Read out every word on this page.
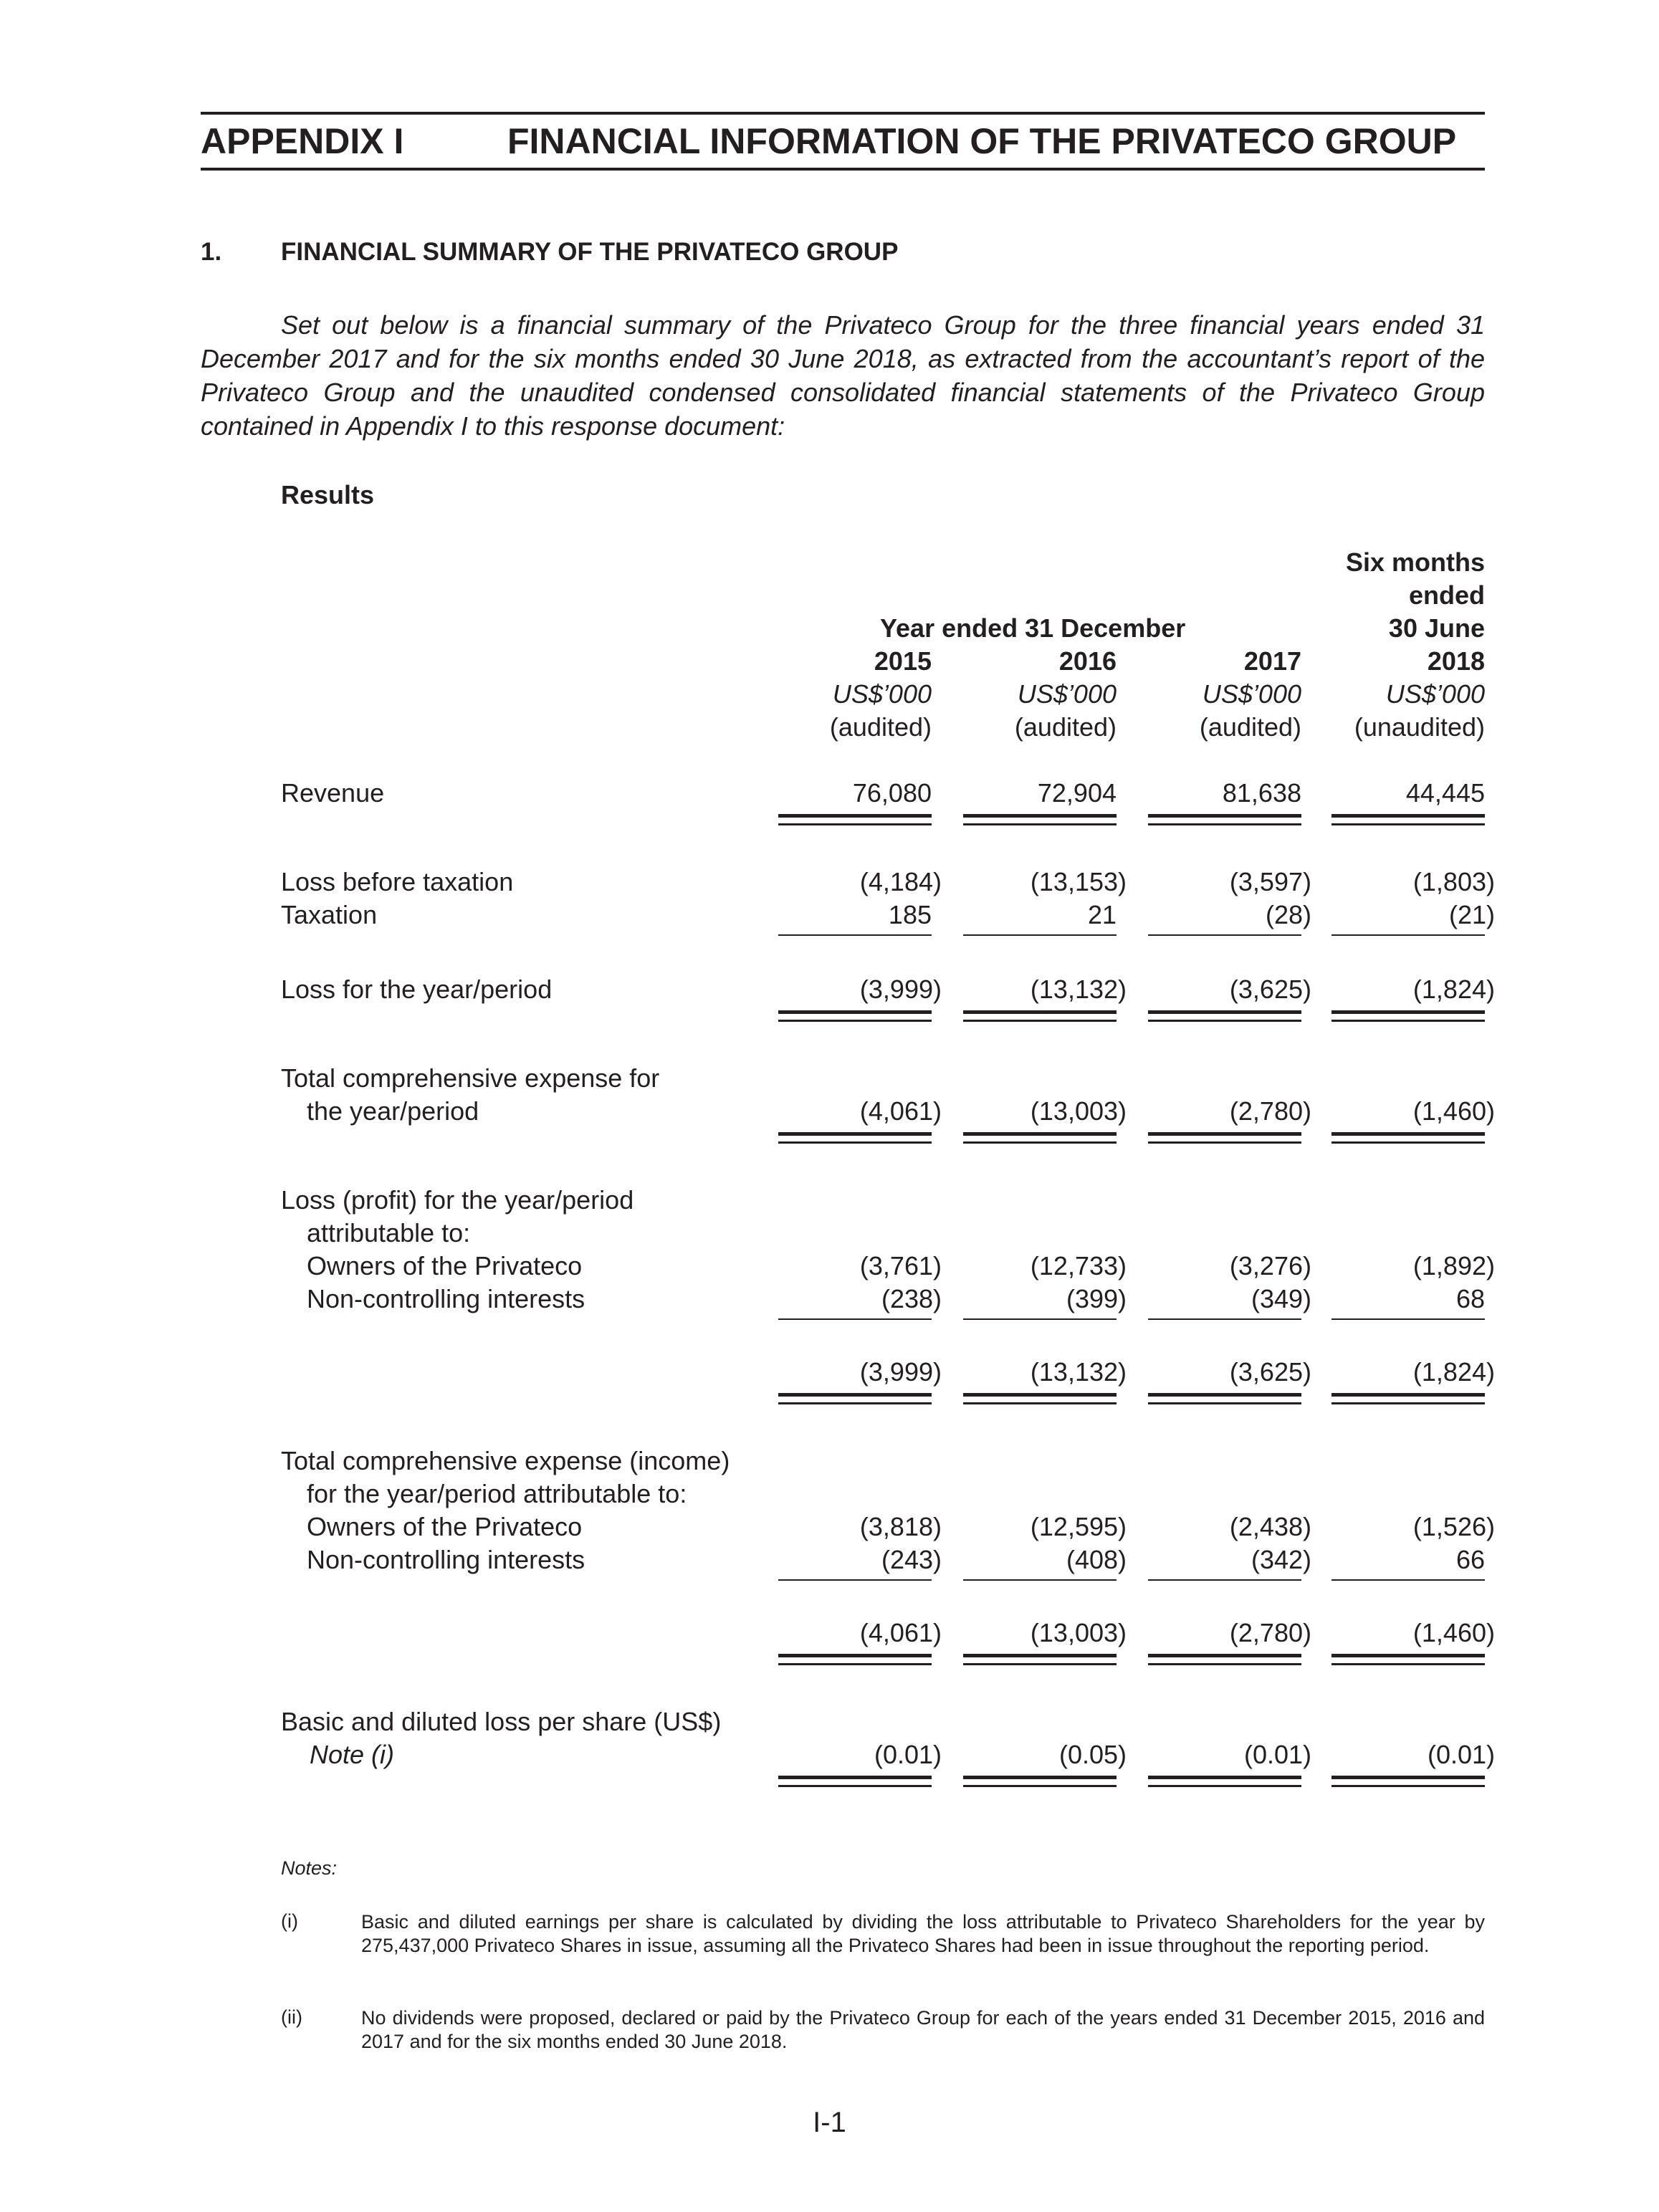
APPENDIX I	FINANCIAL INFORMATION OF THE PRIVATECO GROUP
1. FINANCIAL SUMMARY OF THE PRIVATECO GROUP
Set out below is a financial summary of the Privateco Group for the three financial years ended 31 December 2017 and for the six months ended 30 June 2018, as extracted from the accountant’s report of the Privateco Group and the unaudited condensed consolidated financial statements of the Privateco Group contained in Appendix I to this response document:
Results
Six months
ended
30 June
Year ended 31 December
2015	2016	2017	2018
US$’000	US$’000	US$’000	US$’000
(audited)	(audited)	(audited) (unaudited)
Revenue	76,080	72,904	81,638	44,445
Loss before taxation	(4,184)	(13,153)	(3,597)	(1,803)
Taxation	185	21	(28)	(21)
Loss for the year/period	(3,999)	(13,132)	(3,625)	(1,824)
Total comprehensive expense for
the year/period	(4,061)	(13,003)	(2,780)	(1,460)
Loss (profit) for the year/period
attributable to:
Owners of the Privateco	(3,761)	(12,733)	(3,276)	(1,892)
Non-controlling interests	(238)	(399)	(349)	68
(3,999)	(13,132)	(3,625)	(1,824)
Total comprehensive expense (income)
for the year/period attributable to:
Owners of the Privateco	(3,818)	(12,595)	(2,438)	(1,526)
Non-controlling interests	(243)	(408)	(342)	66
(4,061)	(13,003)	(2,780)	(1,460)
Basic and diluted loss per share (US$)
Note (i)	(0.01)	(0.05)	(0.01)	(0.01)
Notes:
(i)	Basic and diluted earnings per share is calculated by dividing the loss attributable to Privateco Shareholders for the year by 275,437,000 Privateco Shares in issue, assuming all the Privateco Shares had been in issue throughout the reporting period.
(ii)	No dividends were proposed, declared or paid by the Privateco Group for each of the years ended 31 December 2015, 2016 and 2017 and for the six months ended 30 June 2018.
I-1
